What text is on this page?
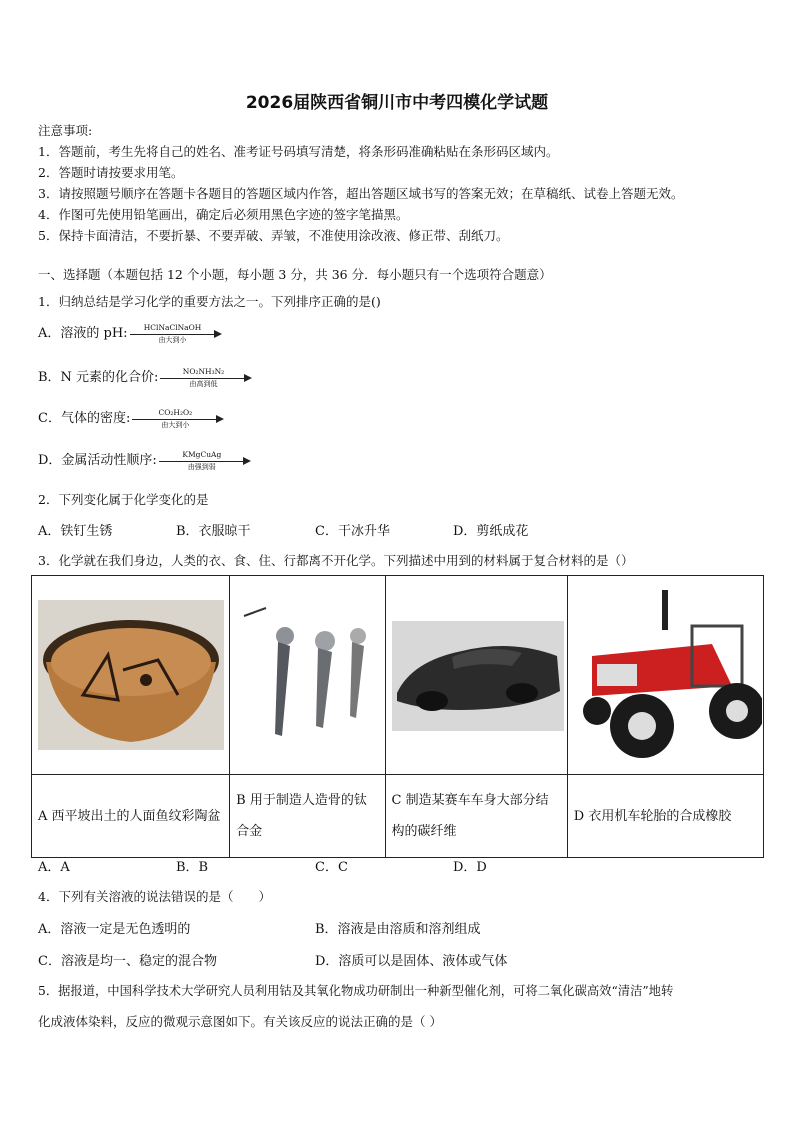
2026届陕西省铜川市中考四模化学试题
注意事项:
1．答题前，考生先将自己的姓名、准考证号码填写清楚，将条形码准确粘贴在条形码区域内。
2．答题时请按要求用笔。
3．请按照题号顺序在答题卡各题目的答题区域内作答，超出答题区域书写的答案无效；在草稿纸、试卷上答题无效。
4．作图可先使用铅笔画出，确定后必须用黑色字迹的签字笔描黑。
5．保持卡面清洁，不要折暴、不要弄破、弄皱，不准使用涂改液、修正带、刮纸刀。
一、选择题（本题包括 12 个小题，每小题 3 分，共 36 分．每小题只有一个选项符合题意）
1．归纳总结是学习化学的重要方法之一。下列排序正确的是()
A．溶液的 pH:	HClNaClNaOH
由大到小
B．N 元素的化合价:	NO₂NH₃N₂
由高到低
C．气体的密度:	CO₂H₂O₂
由大到小
D．金属活动性顺序:	KMgCuAg
由强到弱
2．下列变化属于化学变化的是
A．铁钉生锈	B．衣服晾干	C．干冰升华	D．剪纸成花
3．化学就在我们身边，人类的衣、食、住、行都离不开化学。下列描述中用到的材料属于复合材料的是（）

A 西平坡出土的人面鱼纹彩陶盆	B 用于制造人造骨的钛合金	C 制造某赛车车身大部分结构的碳纤维	D 衣用机车轮胎的合成橡胶
A．A	B．B	C．C	D．D
4．下列有关溶液的说法错误的是（　　）
A．溶液一定是无色透明的	B．溶液是由溶质和溶剂组成
C．溶液是均一、稳定的混合物	D．溶质可以是固体、液体或气体
5．据报道，中国科学技术大学研究人员利用钴及其氧化物成功研制出一种新型催化剂，可将二氧化碳高效“清洁”地转
化成液体染料，反应的微观示意图如下。有关该反应的说法正确的是（ ）
